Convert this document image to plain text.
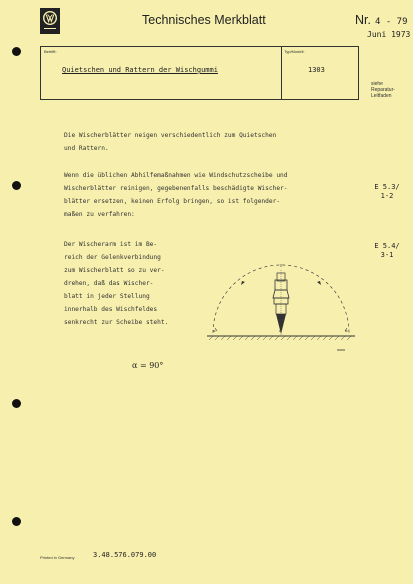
Technisches Merkblatt	Nr. 4 - 79
Juni 1973
Betrifft:	Typ/Modell:
Quietschen und Rattern der Wischgummi	1303
siehe
Reparatur-
Leitfaden
Die Wischerblätter neigen verschiedentlich zum Quietschen
und Rattern.
Wenn die üblichen Abhilfemaßnahmen wie Windschutzscheibe und
Wischerblätter reinigen, gegebenenfalls beschädigte Wischer-
blätter ersetzen, keinen Erfolg bringen, so ist folgender-
maßen zu verfahren:
Der Wischerarm ist im Be-
reich der Gelenkverbindung
zum Wischerblatt so zu ver-
drehen, daß das Wischer-
blatt in jeder Stellung
innerhalb des Wischfeldes
senkrecht zur Scheibe steht.
E 5.3/
1-2
E 5.4/
3-1
α	α
α
α = 90°
Printed in Germany	3.48.576.079.00
